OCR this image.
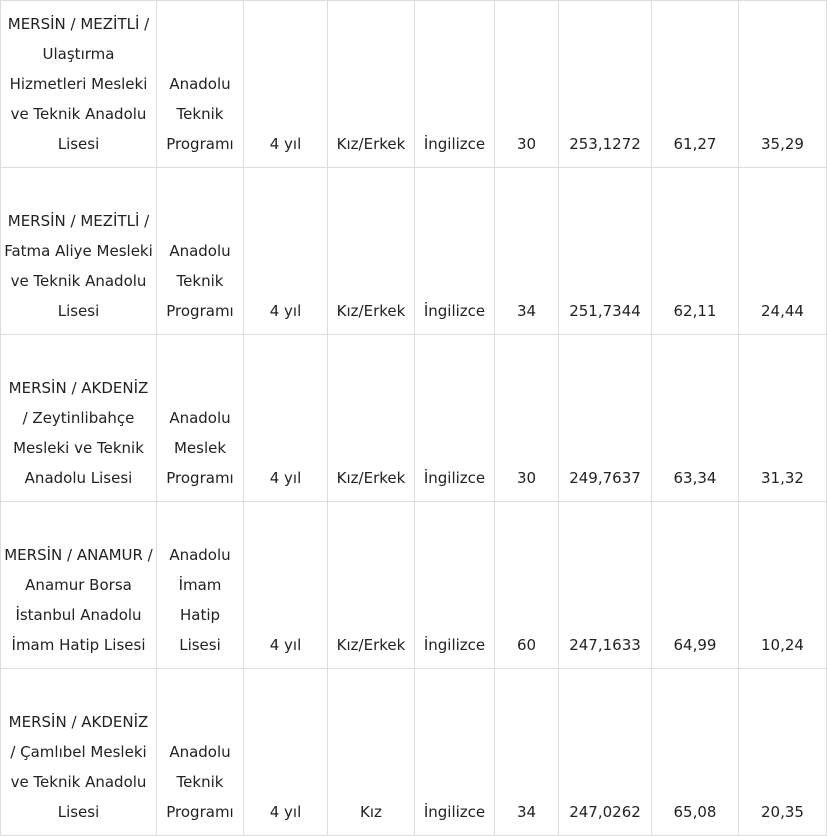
MERSİN / MEZİTLİ / Ulaştırma Hizmetleri Mesleki ve Teknik Anadolu Lisesi	Anadolu Teknik Programı	4 yıl	Kız/Erkek	İngilizce	30	253,1272	61,27	35,29
MERSİN / MEZİTLİ / Fatma Aliye Mesleki ve Teknik Anadolu Lisesi	Anadolu Teknik Programı	4 yıl	Kız/Erkek	İngilizce	34	251,7344	62,11	24,44
MERSİN / AKDENİZ / Zeytinlibahçe Mesleki ve Teknik Anadolu Lisesi	Anadolu Meslek Programı	4 yıl	Kız/Erkek	İngilizce	30	249,7637	63,34	31,32
MERSİN / ANAMUR / Anamur Borsa İstanbul Anadolu İmam Hatip Lisesi	Anadolu İmam Hatip Lisesi	4 yıl	Kız/Erkek	İngilizce	60	247,1633	64,99	10,24
MERSİN / AKDENİZ / Çamlıbel Mesleki ve Teknik Anadolu Lisesi	Anadolu Teknik Programı	4 yıl	Kız	İngilizce	34	247,0262	65,08	20,35
